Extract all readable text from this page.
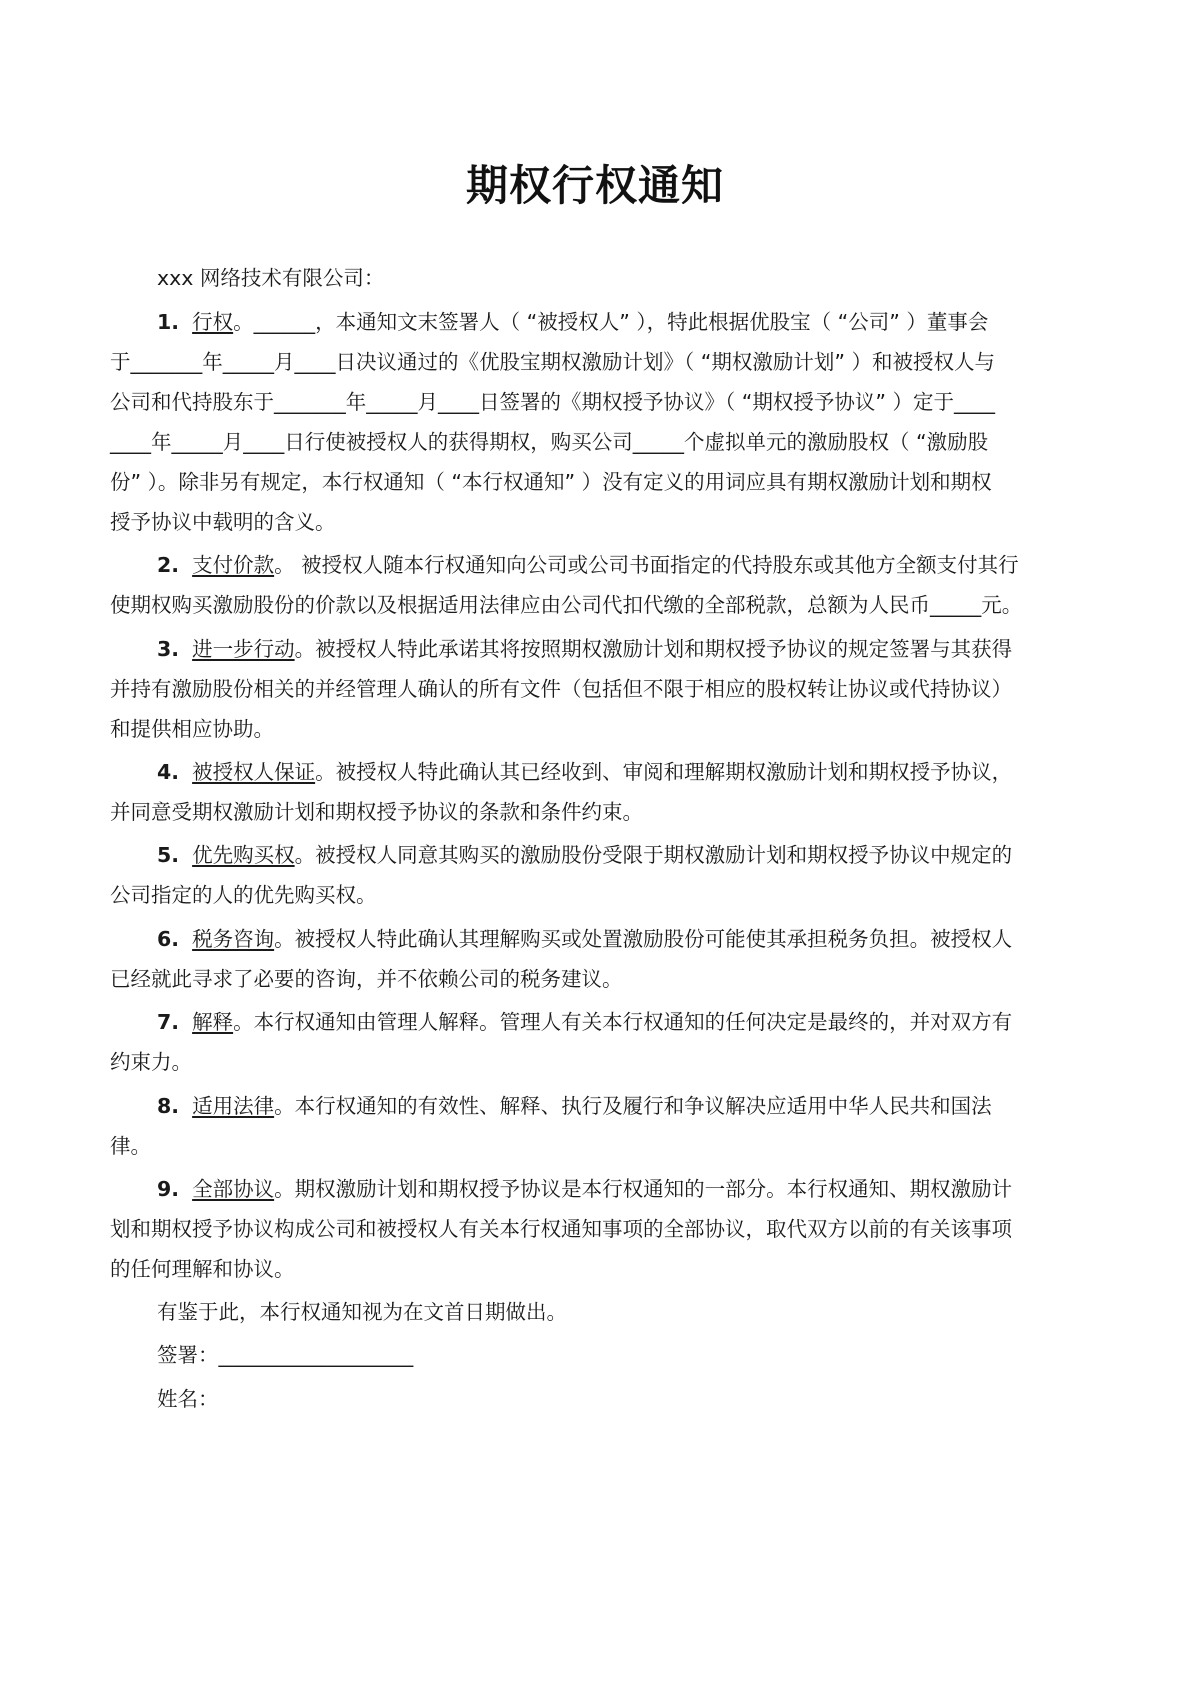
期权行权通知
xxx 网络技术有限公司：
1. 行权。______，本通知文末签署人（ “被授权人” ），特此根据优股宝（ “公司” ）董事会
于_______年_____月____日决议通过的《优股宝期权激励计划》（ “期权激励计划” ）和被授权人与
公司和代持股东于_______年_____月____日签署的《期权授予协议》（ “期权授予协议” ）定于____
____年_____月____日行使被授权人的获得期权，购买公司_____个虚拟单元的激励股权（ “激励股
份” ）。除非另有规定，本行权通知（ “本行权通知” ）没有定义的用词应具有期权激励计划和期权
授予协议中载明的含义。
2. 支付价款。 被授权人随本行权通知向公司或公司书面指定的代持股东或其他方全额支付其行
使期权购买激励股份的价款以及根据适用法律应由公司代扣代缴的全部税款，总额为人民币_____元。
3. 进一步行动。被授权人特此承诺其将按照期权激励计划和期权授予协议的规定签署与其获得
并持有激励股份相关的并经管理人确认的所有文件（包括但不限于相应的股权转让协议或代持协议）
和提供相应协助。
4. 被授权人保证。被授权人特此确认其已经收到、审阅和理解期权激励计划和期权授予协议，
并同意受期权激励计划和期权授予协议的条款和条件约束。
5. 优先购买权。被授权人同意其购买的激励股份受限于期权激励计划和期权授予协议中规定的
公司指定的人的优先购买权。
6. 税务咨询。被授权人特此确认其理解购买或处置激励股份可能使其承担税务负担。被授权人
已经就此寻求了必要的咨询，并不依赖公司的税务建议。
7. 解释。本行权通知由管理人解释。管理人有关本行权通知的任何决定是最终的，并对双方有
约束力。
8. 适用法律。本行权通知的有效性、解释、执行及履行和争议解决应适用中华人民共和国法
律。
9. 全部协议。期权激励计划和期权授予协议是本行权通知的一部分。本行权通知、期权激励计
划和期权授予协议构成公司和被授权人有关本行权通知事项的全部协议，取代双方以前的有关该事项
的任何理解和协议。
有鉴于此，本行权通知视为在文首日期做出。
签署：___________________
姓名：
